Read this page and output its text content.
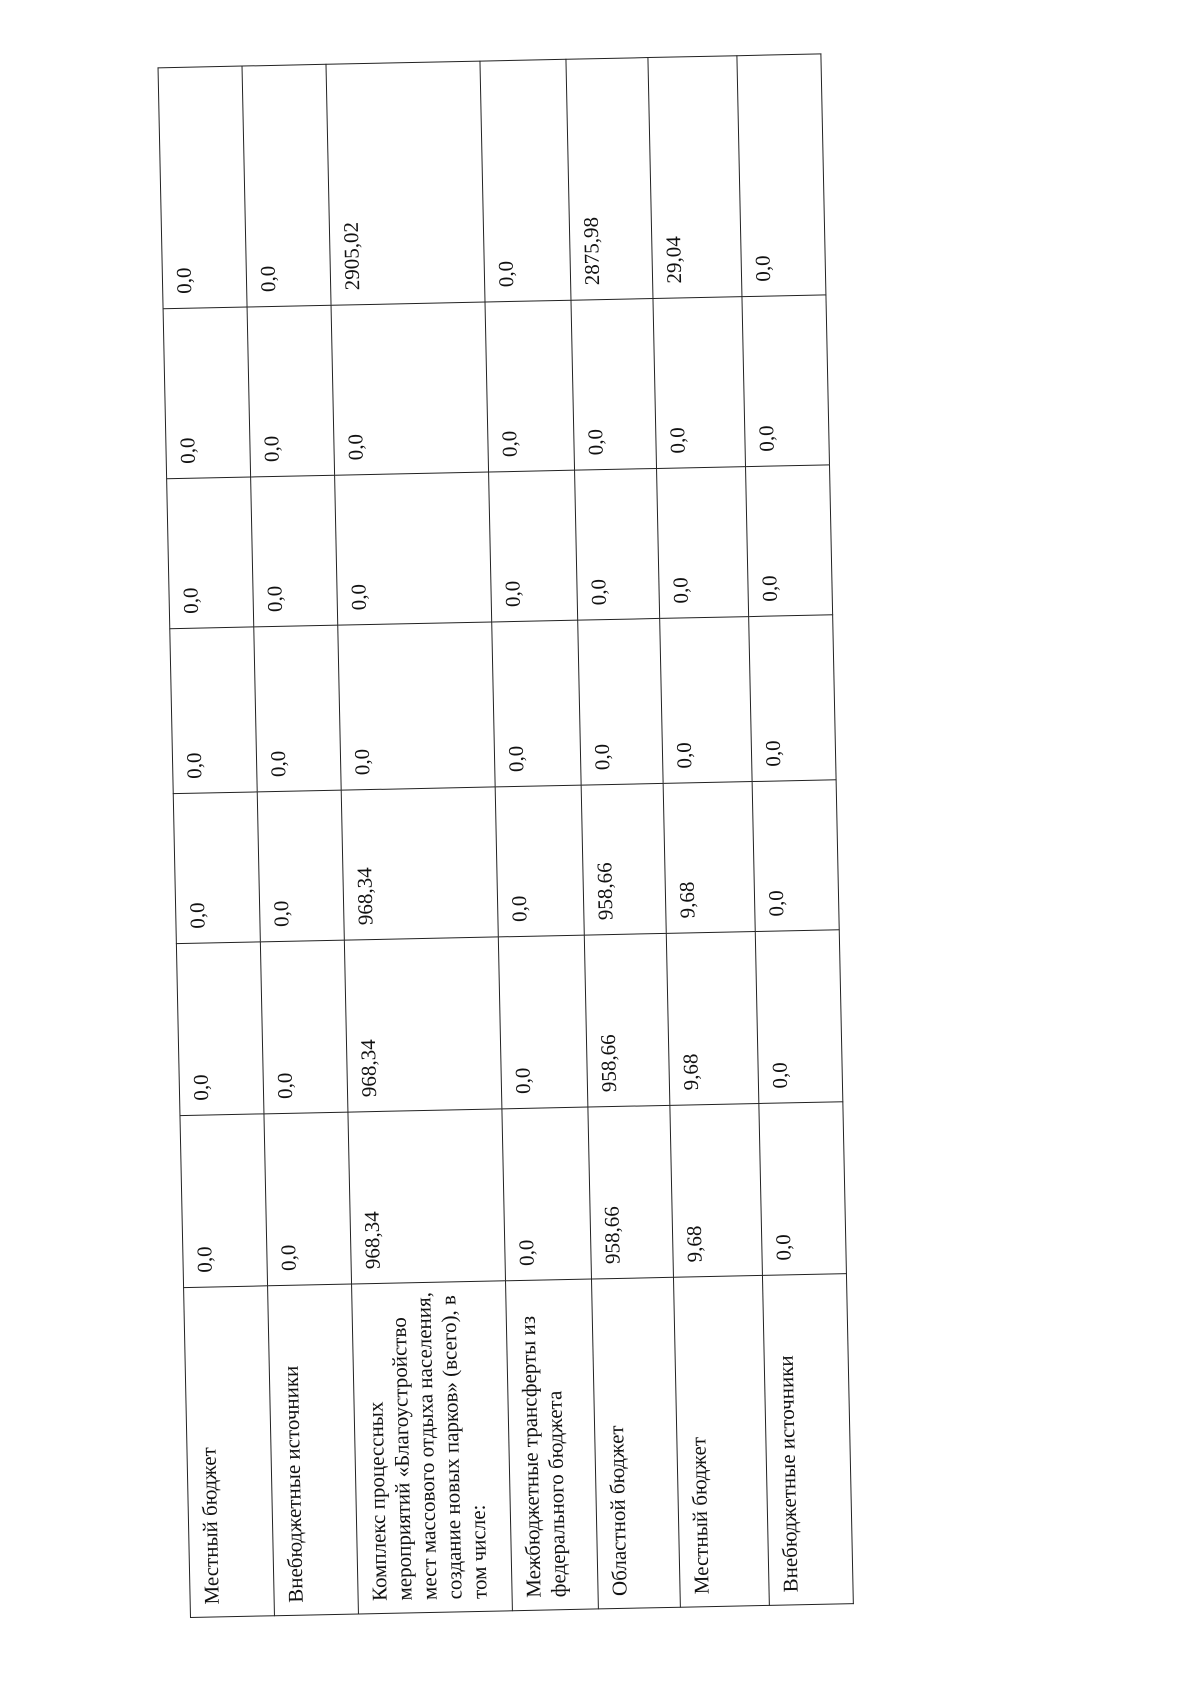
Местный бюджет	0,0	0,0	0,0	0,0	0,0	0,0	0,0
Внебюджетные источники	0,0	0,0	0,0	0,0	0,0	0,0	0,0
Комплекс процессных мероприятий «Благоустройство мест массового отдыха населения, создание новых парков» (всего), в том числе:	968,34	968,34	968,34	0,0	0,0	0,0	2905,02
Межбюджетные трансферты из федерального бюджета	0,0	0,0	0,0	0,0	0,0	0,0	0,0
Областной бюджет	958,66	958,66	958,66	0,0	0,0	0,0	2875,98
Местный бюджет	9,68	9,68	9,68	0,0	0,0	0,0	29,04
Внебюджетные источники	0,0	0,0	0,0	0,0	0,0	0,0	0,0
